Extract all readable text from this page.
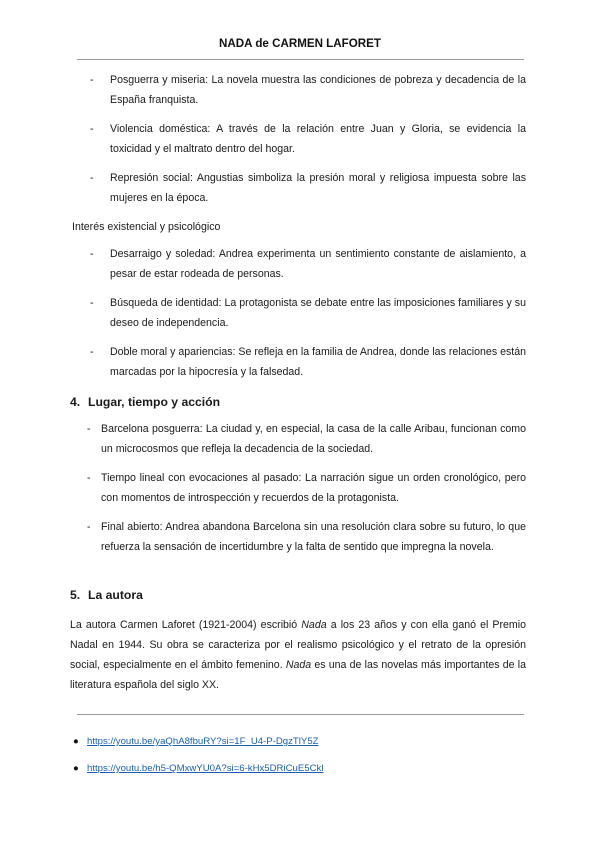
NADA de CARMEN LAFORET
- Posguerra y miseria: La novela muestra las condiciones de pobreza y decadencia de la España franquista.
- Violencia doméstica: A través de la relación entre Juan y Gloria, se evidencia la toxicidad y el maltrato dentro del hogar.
- Represión social: Angustias simboliza la presión moral y religiosa impuesta sobre las mujeres en la época.
Interés existencial y psicológico
- Desarraigo y soledad: Andrea experimenta un sentimiento constante de aislamiento, a pesar de estar rodeada de personas.
- Búsqueda de identidad: La protagonista se debate entre las imposiciones familiares y su deseo de independencia.
- Doble moral y apariencias: Se refleja en la familia de Andrea, donde las relaciones están marcadas por la hipocresía y la falsedad.
4. Lugar, tiempo y acción
- Barcelona posguerra: La ciudad y, en especial, la casa de la calle Aribau, funcionan como un microcosmos que refleja la decadencia de la sociedad.
- Tiempo lineal con evocaciones al pasado: La narración sigue un orden cronológico, pero con momentos de introspección y recuerdos de la protagonista.
- Final abierto: Andrea abandona Barcelona sin una resolución clara sobre su futuro, lo que refuerza la sensación de incertidumbre y la falta de sentido que impregna la novela.
5. La autora
La autora Carmen Laforet (1921-2004) escribió Nada a los 23 años y con ella ganó el Premio Nadal en 1944. Su obra se caracteriza por el realismo psicológico y el retrato de la opresión social, especialmente en el ámbito femenino. Nada es una de las novelas más importantes de la literatura española del siglo XX.
● https://youtu.be/yaQhA8fbuRY?si=1F_U4-P-DgzTlY5Z
● https://youtu.be/h5-QMxwYU0A?si=6-kHx5DRiCuE5Ckl
